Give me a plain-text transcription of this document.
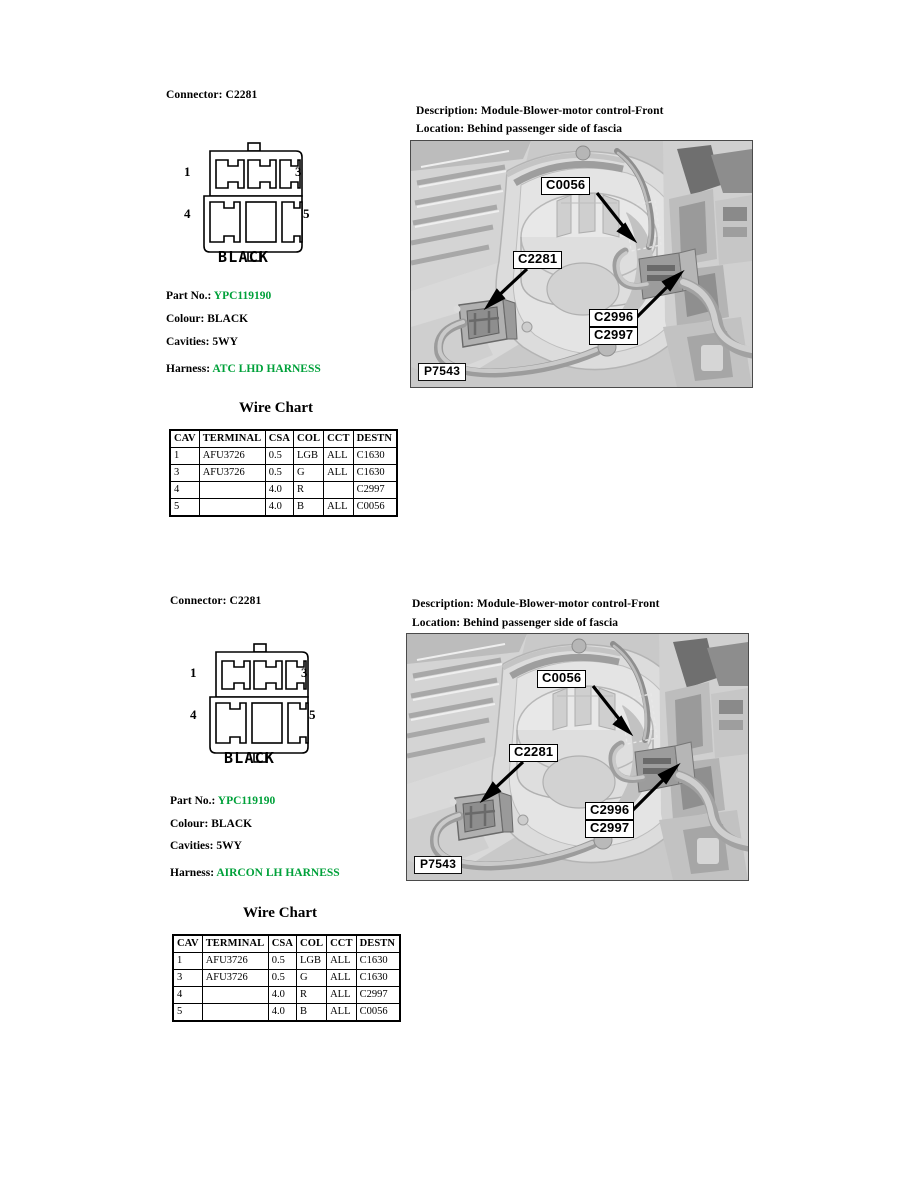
Connector: C2281
Description: Module-Blower-motor control-Front
Location: Behind passenger side of fascia
1	3
4	5
BLACK
Part No.: YPC119190
Colour: BLACK
Cavities: 5WY
Harness: ATC LHD HARNESS
C0056
C2281
C2996
C2997
P7543
Wire Chart
CAV	TERMINAL	CSA	COL	CCT	DESTN
1	AFU3726	0.5	LGB	ALL	C1630
3	AFU3726	0.5	G	ALL	C1630
4		4.0	R		C2997
5		4.0	B	ALL	C0056
Connector: C2281	Description: Module-Blower-motor control-Front
Location: Behind passenger side of fascia
1	3
4	5
BLACK
Part No.: YPC119190
Colour: BLACK
Cavities: 5WY
Harness: AIRCON LH HARNESS
C0056
C2281
C2996
C2997
P7543
Wire Chart
CAV	TERMINAL	CSA	COL	CCT	DESTN
1	AFU3726	0.5	LGB	ALL	C1630
3	AFU3726	0.5	G	ALL	C1630
4		4.0	R	ALL	C2997
5		4.0	B	ALL	C0056
